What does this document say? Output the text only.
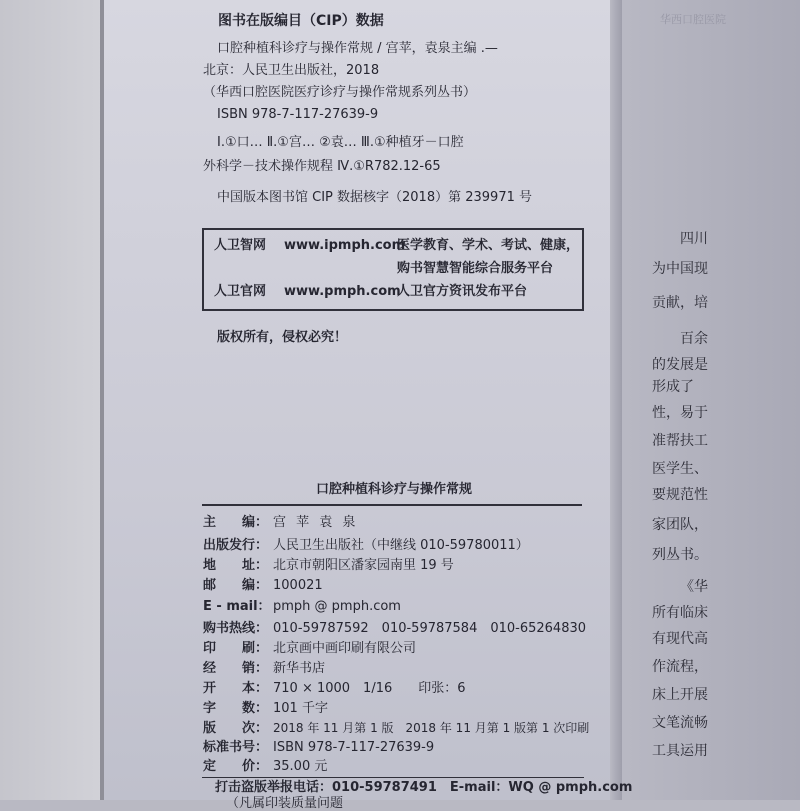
图书在版编目（CIP）数据
口腔种植科诊疗与操作常规 / 宫苹，袁泉主编 .—
北京：人民卫生出版社，2018
（华西口腔医院医疗诊疗与操作常规系列丛书）
ISBN 978-7-117-27639-9
Ⅰ.①口… Ⅱ.①宫… ②袁… Ⅲ.①种植牙－口腔
外科学－技术操作规程 Ⅳ.①R782.12-65
中国版本图书馆 CIP 数据核字（2018）第 239971 号
人卫智网 www.ipmph.com
医学教育、学术、考试、健康，
购书智慧智能综合服务平台
人卫官网 www.pmph.com
人卫官方资讯发布平台
版权所有，侵权必究！
口腔种植科诊疗与操作常规
主　　编： 宫 苹 袁 泉
出版发行： 人民卫生出版社（中继线 010-59780011）
地　　址： 北京市朝阳区潘家园南里 19 号
邮　　编： 100021
E - mail： pmph @ pmph.com
购书热线： 010-59787592　010-59787584　010-65264830
印　　刷： 北京画中画印刷有限公司
经　　销： 新华书店
开　　本： 710 × 1000　1/16　　印张：6
字　　数： 101 千字
版　　次： 2018 年 11 月第 1 版　2018 年 11 月第 1 版第 1 次印刷
标准书号： ISBN 978-7-117-27639-9
定　　价： 35.00 元
打击盗版举报电话：010-59787491　E-mail：WQ @ pmph.com
（凡属印装质量问题
华西口腔医院
四川
为中国现
贡献，培
百余
的发展是
形成了
性，易于
准帮扶工
医学生、
要规范性
家团队，
列丛书。
《华
所有临床
有现代高
作流程，
床上开展
文笔流畅
工具运用
